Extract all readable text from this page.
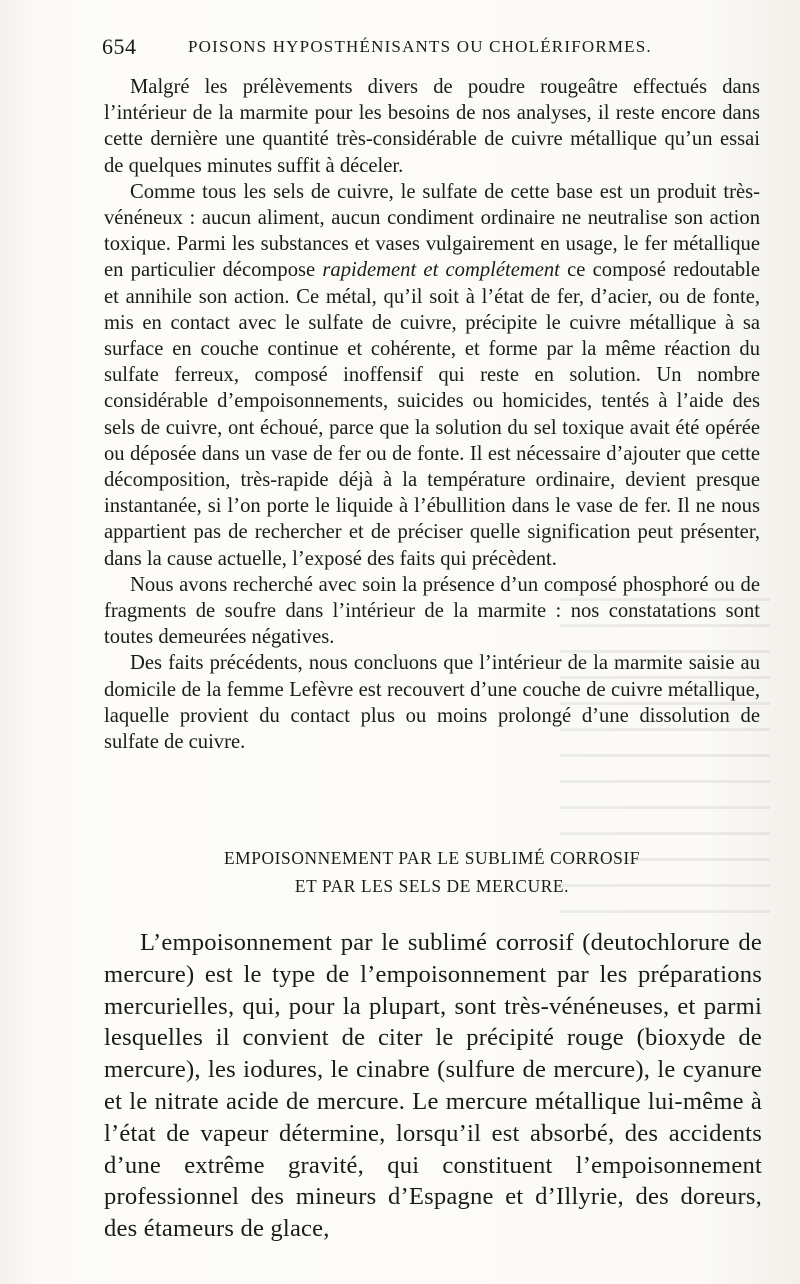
654	POISONS HYPOSTHÉNISANTS OU CHOLÉRIFORMES.

Malgré les prélèvements divers de poudre rougeâtre effectués dans l’intérieur de la marmite pour les besoins de nos analyses, il reste encore dans cette dernière une quantité très-considérable de cuivre métallique qu’un essai de quelques minutes suffit à déceler.

Comme tous les sels de cuivre, le sulfate de cette base est un produit très-vénéneux : aucun aliment, aucun condiment ordinaire ne neutralise son action toxique. Parmi les substances et vases vulgairement en usage, le fer métallique en particulier décompose rapidement et complétement ce composé redoutable et annihile son action. Ce métal, qu’il soit à l’état de fer, d’acier, ou de fonte, mis en contact avec le sulfate de cuivre, précipite le cuivre métallique à sa surface en couche continue et cohérente, et forme par la même réaction du sulfate ferreux, composé inoffensif qui reste en solution. Un nombre considérable d’empoisonnements, suicides ou homicides, tentés à l’aide des sels de cuivre, ont échoué, parce que la solution du sel toxique avait été opérée ou déposée dans un vase de fer ou de fonte. Il est nécessaire d’ajouter que cette décomposition, très-rapide déjà à la température ordinaire, devient presque instantanée, si l’on porte le liquide à l’ébullition dans le vase de fer. Il ne nous appartient pas de rechercher et de préciser quelle signification peut présenter, dans la cause actuelle, l’exposé des faits qui précèdent.

Nous avons recherché avec soin la présence d’un composé phosphoré ou de fragments de soufre dans l’intérieur de la marmite : nos constatations sont toutes demeurées négatives.

Des faits précédents, nous concluons que l’intérieur de la marmite saisie au domicile de la femme Lefèvre est recouvert d’une couche de cuivre métallique, laquelle provient du contact plus ou moins prolongé d’une dissolution de sulfate de cuivre.

EMPOISONNEMENT PAR LE SUBLIMÉ CORROSIF
ET PAR LES SELS DE MERCURE.

L’empoisonnement par le sublimé corrosif (deutochlorure de mercure) est le type de l’empoisonnement par les préparations mercurielles, qui, pour la plupart, sont très-vénéneuses, et parmi lesquelles il convient de citer le précipité rouge (bioxyde de mercure), les iodures, le cinabre (sulfure de mercure), le cyanure et le nitrate acide de mercure. Le mercure métallique lui-même à l’état de vapeur détermine, lorsqu’il est absorbé, des accidents d’une extrême gravité, qui constituent l’empoisonnement professionnel des mineurs d’Espagne et d’Illyrie, des doreurs, des étameurs de glace,
